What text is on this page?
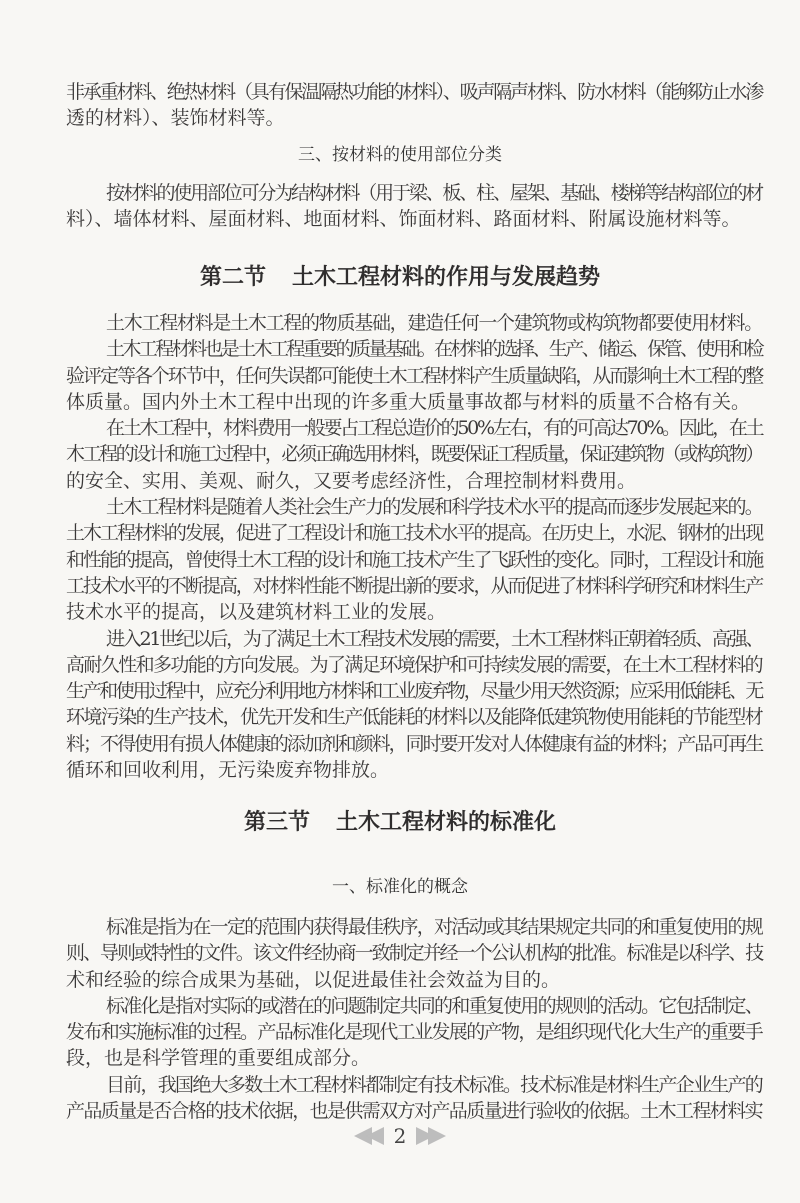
非承重材料、绝热材料（具有保温隔热功能的材料）、吸声隔声材料、防水材料（能够防止水渗
透的材料）、装饰材料等。
三、按材料的使用部位分类
按材料的使用部位可分为结构材料（用于梁、板、柱、屋架、基础、楼梯等结构部位的材
料）、墙体材料、屋面材料、地面材料、饰面材料、路面材料、附属设施材料等。
第二节 土木工程材料的作用与发展趋势
土木工程材料是土木工程的物质基础，建造任何一个建筑物或构筑物都要使用材料。
土木工程材料也是土木工程重要的质量基础。在材料的选择、生产、储运、保管、使用和检
验评定等各个环节中，任何失误都可能使土木工程材料产生质量缺陷，从而影响土木工程的整
体质量。国内外土木工程中出现的许多重大质量事故都与材料的质量不合格有关。
在土木工程中，材料费用一般要占工程总造价的50%左右，有的可高达70%。因此，在土
木工程的设计和施工过程中，必须正确选用材料，既要保证工程质量，保证建筑物（或构筑物）
的安全、实用、美观、耐久，又要考虑经济性，合理控制材料费用。
土木工程材料是随着人类社会生产力的发展和科学技术水平的提高而逐步发展起来的。
土木工程材料的发展，促进了工程设计和施工技术水平的提高。在历史上，水泥、钢材的出现
和性能的提高，曾使得土木工程的设计和施工技术产生了飞跃性的变化。同时，工程设计和施
工技术水平的不断提高，对材料性能不断提出新的要求，从而促进了材料科学研究和材料生产
技术水平的提高，以及建筑材料工业的发展。
进入21世纪以后，为了满足土木工程技术发展的需要，土木工程材料正朝着轻质、高强、
高耐久性和多功能的方向发展。为了满足环境保护和可持续发展的需要，在土木工程材料的
生产和使用过程中，应充分利用地方材料和工业废弃物，尽量少用天然资源；应采用低能耗、无
环境污染的生产技术，优先开发和生产低能耗的材料以及能降低建筑物使用能耗的节能型材
料；不得使用有损人体健康的添加剂和颜料，同时要开发对人体健康有益的材料；产品可再生
循环和回收利用，无污染废弃物排放。
第三节 土木工程材料的标准化
一、标准化的概念
标准是指为在一定的范围内获得最佳秩序，对活动或其结果规定共同的和重复使用的规
则、导则或特性的文件。该文件经协商一致制定并经一个公认机构的批准。标准是以科学、技
术和经验的综合成果为基础，以促进最佳社会效益为目的。
标准化是指对实际的或潜在的问题制定共同的和重复使用的规则的活动。它包括制定、
发布和实施标准的过程。产品标准化是现代工业发展的产物，是组织现代化大生产的重要手
段，也是科学管理的重要组成部分。
目前，我国绝大多数土木工程材料都制定有技术标准。技术标准是材料生产企业生产的
产品质量是否合格的技术依据，也是供需双方对产品质量进行验收的依据。土木工程材料实
2
